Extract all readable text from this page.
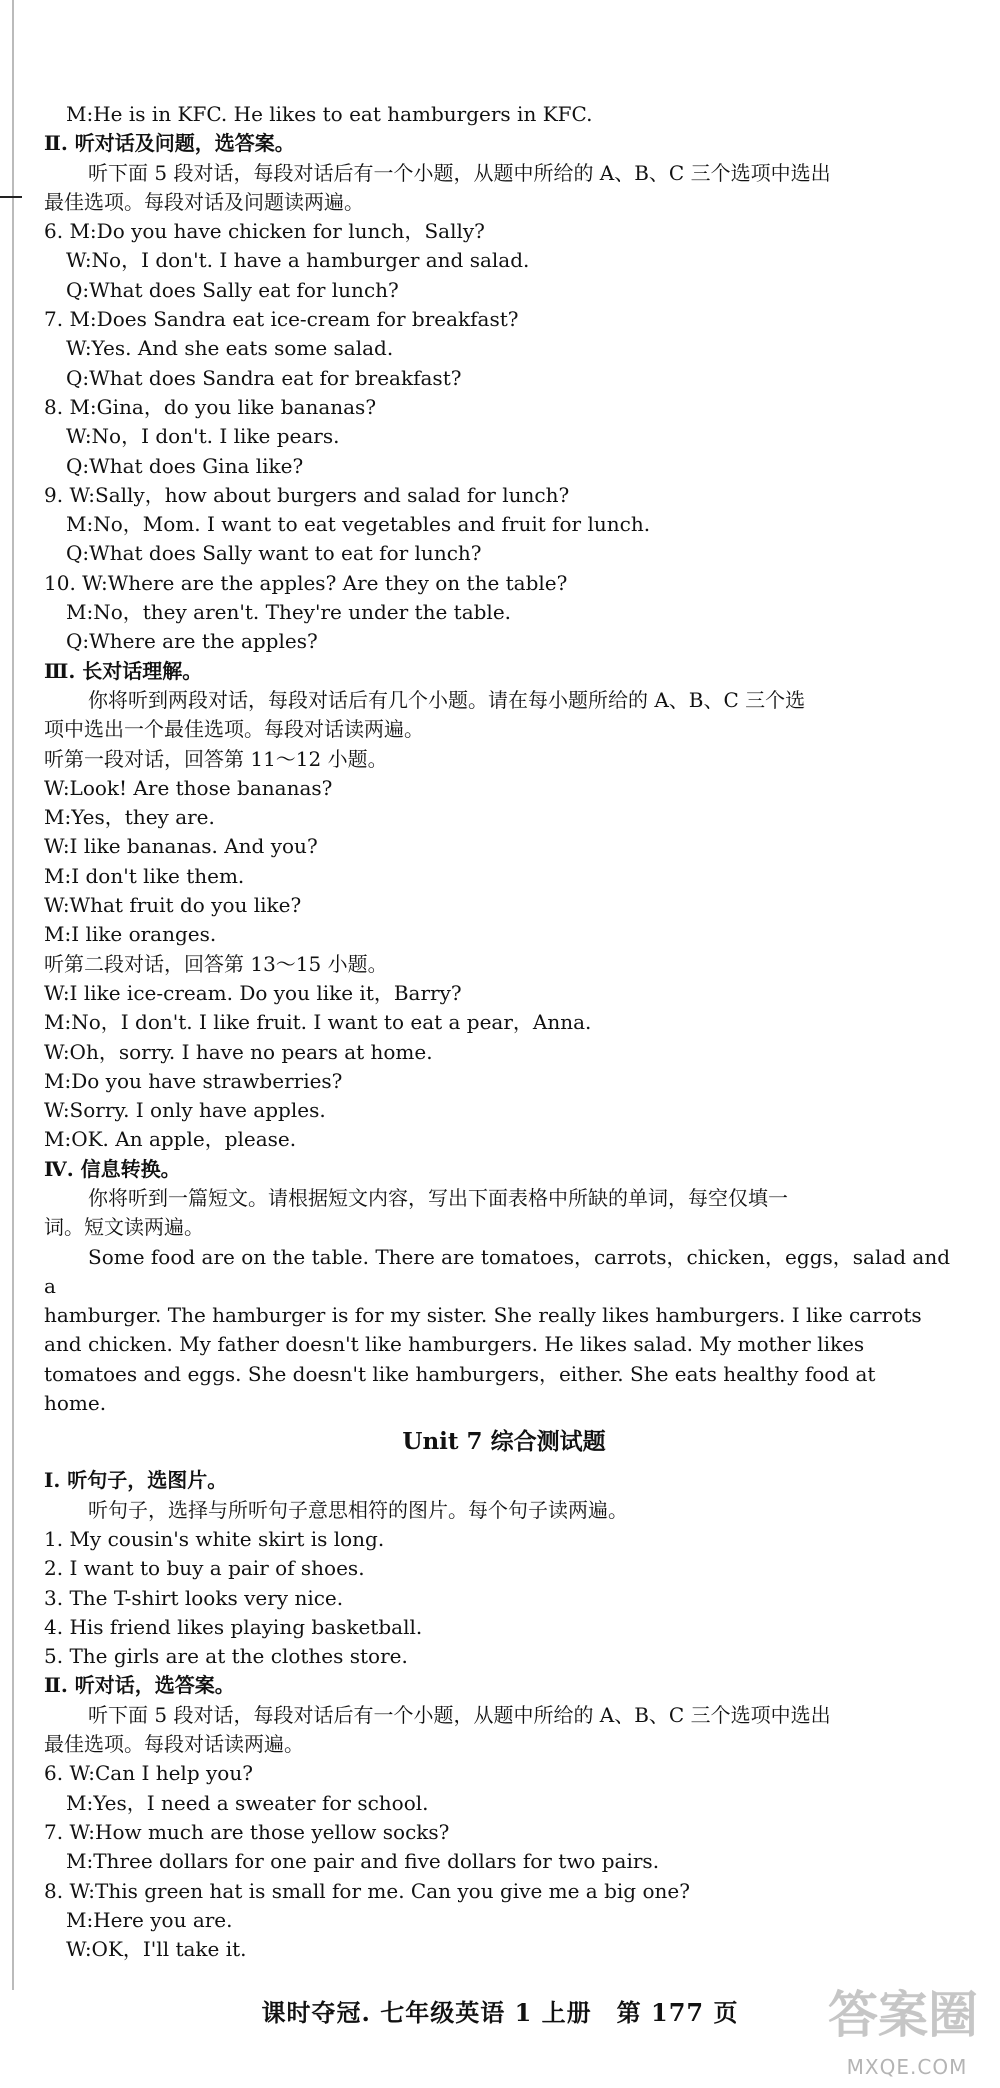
M:He is in KFC. He likes to eat hamburgers in KFC.
Ⅱ. 听对话及问题，选答案。
听下面 5 段对话，每段对话后有一个小题，从题中所给的 A、B、C 三个选项中选出
最佳选项。每段对话及问题读两遍。
6. M:Do you have chicken for lunch，Sally?
W:No，I don't. I have a hamburger and salad.
Q:What does Sally eat for lunch?
7. M:Does Sandra eat ice-cream for breakfast?
W:Yes. And she eats some salad.
Q:What does Sandra eat for breakfast?
8. M:Gina，do you like bananas?
W:No，I don't. I like pears.
Q:What does Gina like?
9. W:Sally，how about burgers and salad for lunch?
M:No，Mom. I want to eat vegetables and fruit for lunch.
Q:What does Sally want to eat for lunch?
10. W:Where are the apples? Are they on the table?
M:No，they aren't. They're under the table.
Q:Where are the apples?
Ⅲ. 长对话理解。
你将听到两段对话，每段对话后有几个小题。请在每小题所给的 A、B、C 三个选
项中选出一个最佳选项。每段对话读两遍。
听第一段对话，回答第 11～12 小题。
W:Look! Are those bananas?
M:Yes，they are.
W:I like bananas. And you?
M:I don't like them.
W:What fruit do you like?
M:I like oranges.
听第二段对话，回答第 13～15 小题。
W:I like ice-cream. Do you like it，Barry?
M:No，I don't. I like fruit. I want to eat a pear，Anna.
W:Oh，sorry. I have no pears at home.
M:Do you have strawberries?
W:Sorry. I only have apples.
M:OK. An apple，please.
Ⅳ. 信息转换。
你将听到一篇短文。请根据短文内容，写出下面表格中所缺的单词，每空仅填一
词。短文读两遍。
Some food are on the table. There are tomatoes，carrots，chicken，eggs，salad and a
hamburger. The hamburger is for my sister. She really likes hamburgers. I like carrots
and chicken. My father doesn't like hamburgers. He likes salad. My mother likes
tomatoes and eggs. She doesn't like hamburgers，either. She eats healthy food at
home.
Unit 7 综合测试题
Ⅰ. 听句子，选图片。
听句子，选择与所听句子意思相符的图片。每个句子读两遍。
1. My cousin's white skirt is long.
2. I want to buy a pair of shoes.
3. The T-shirt looks very nice.
4. His friend likes playing basketball.
5. The girls are at the clothes store.
Ⅱ. 听对话，选答案。
听下面 5 段对话，每段对话后有一个小题，从题中所给的 A、B、C 三个选项中选出
最佳选项。每段对话读两遍。
6. W:Can I help you?
M:Yes，I need a sweater for school.
7. W:How much are those yellow socks?
M:Three dollars for one pair and five dollars for two pairs.
8. W:This green hat is small for me. Can you give me a big one?
M:Here you are.
W:OK，I'll take it.
课时夺冠. 七年级英语 1 上册　第 177 页	答案圈
MXQE.COM
